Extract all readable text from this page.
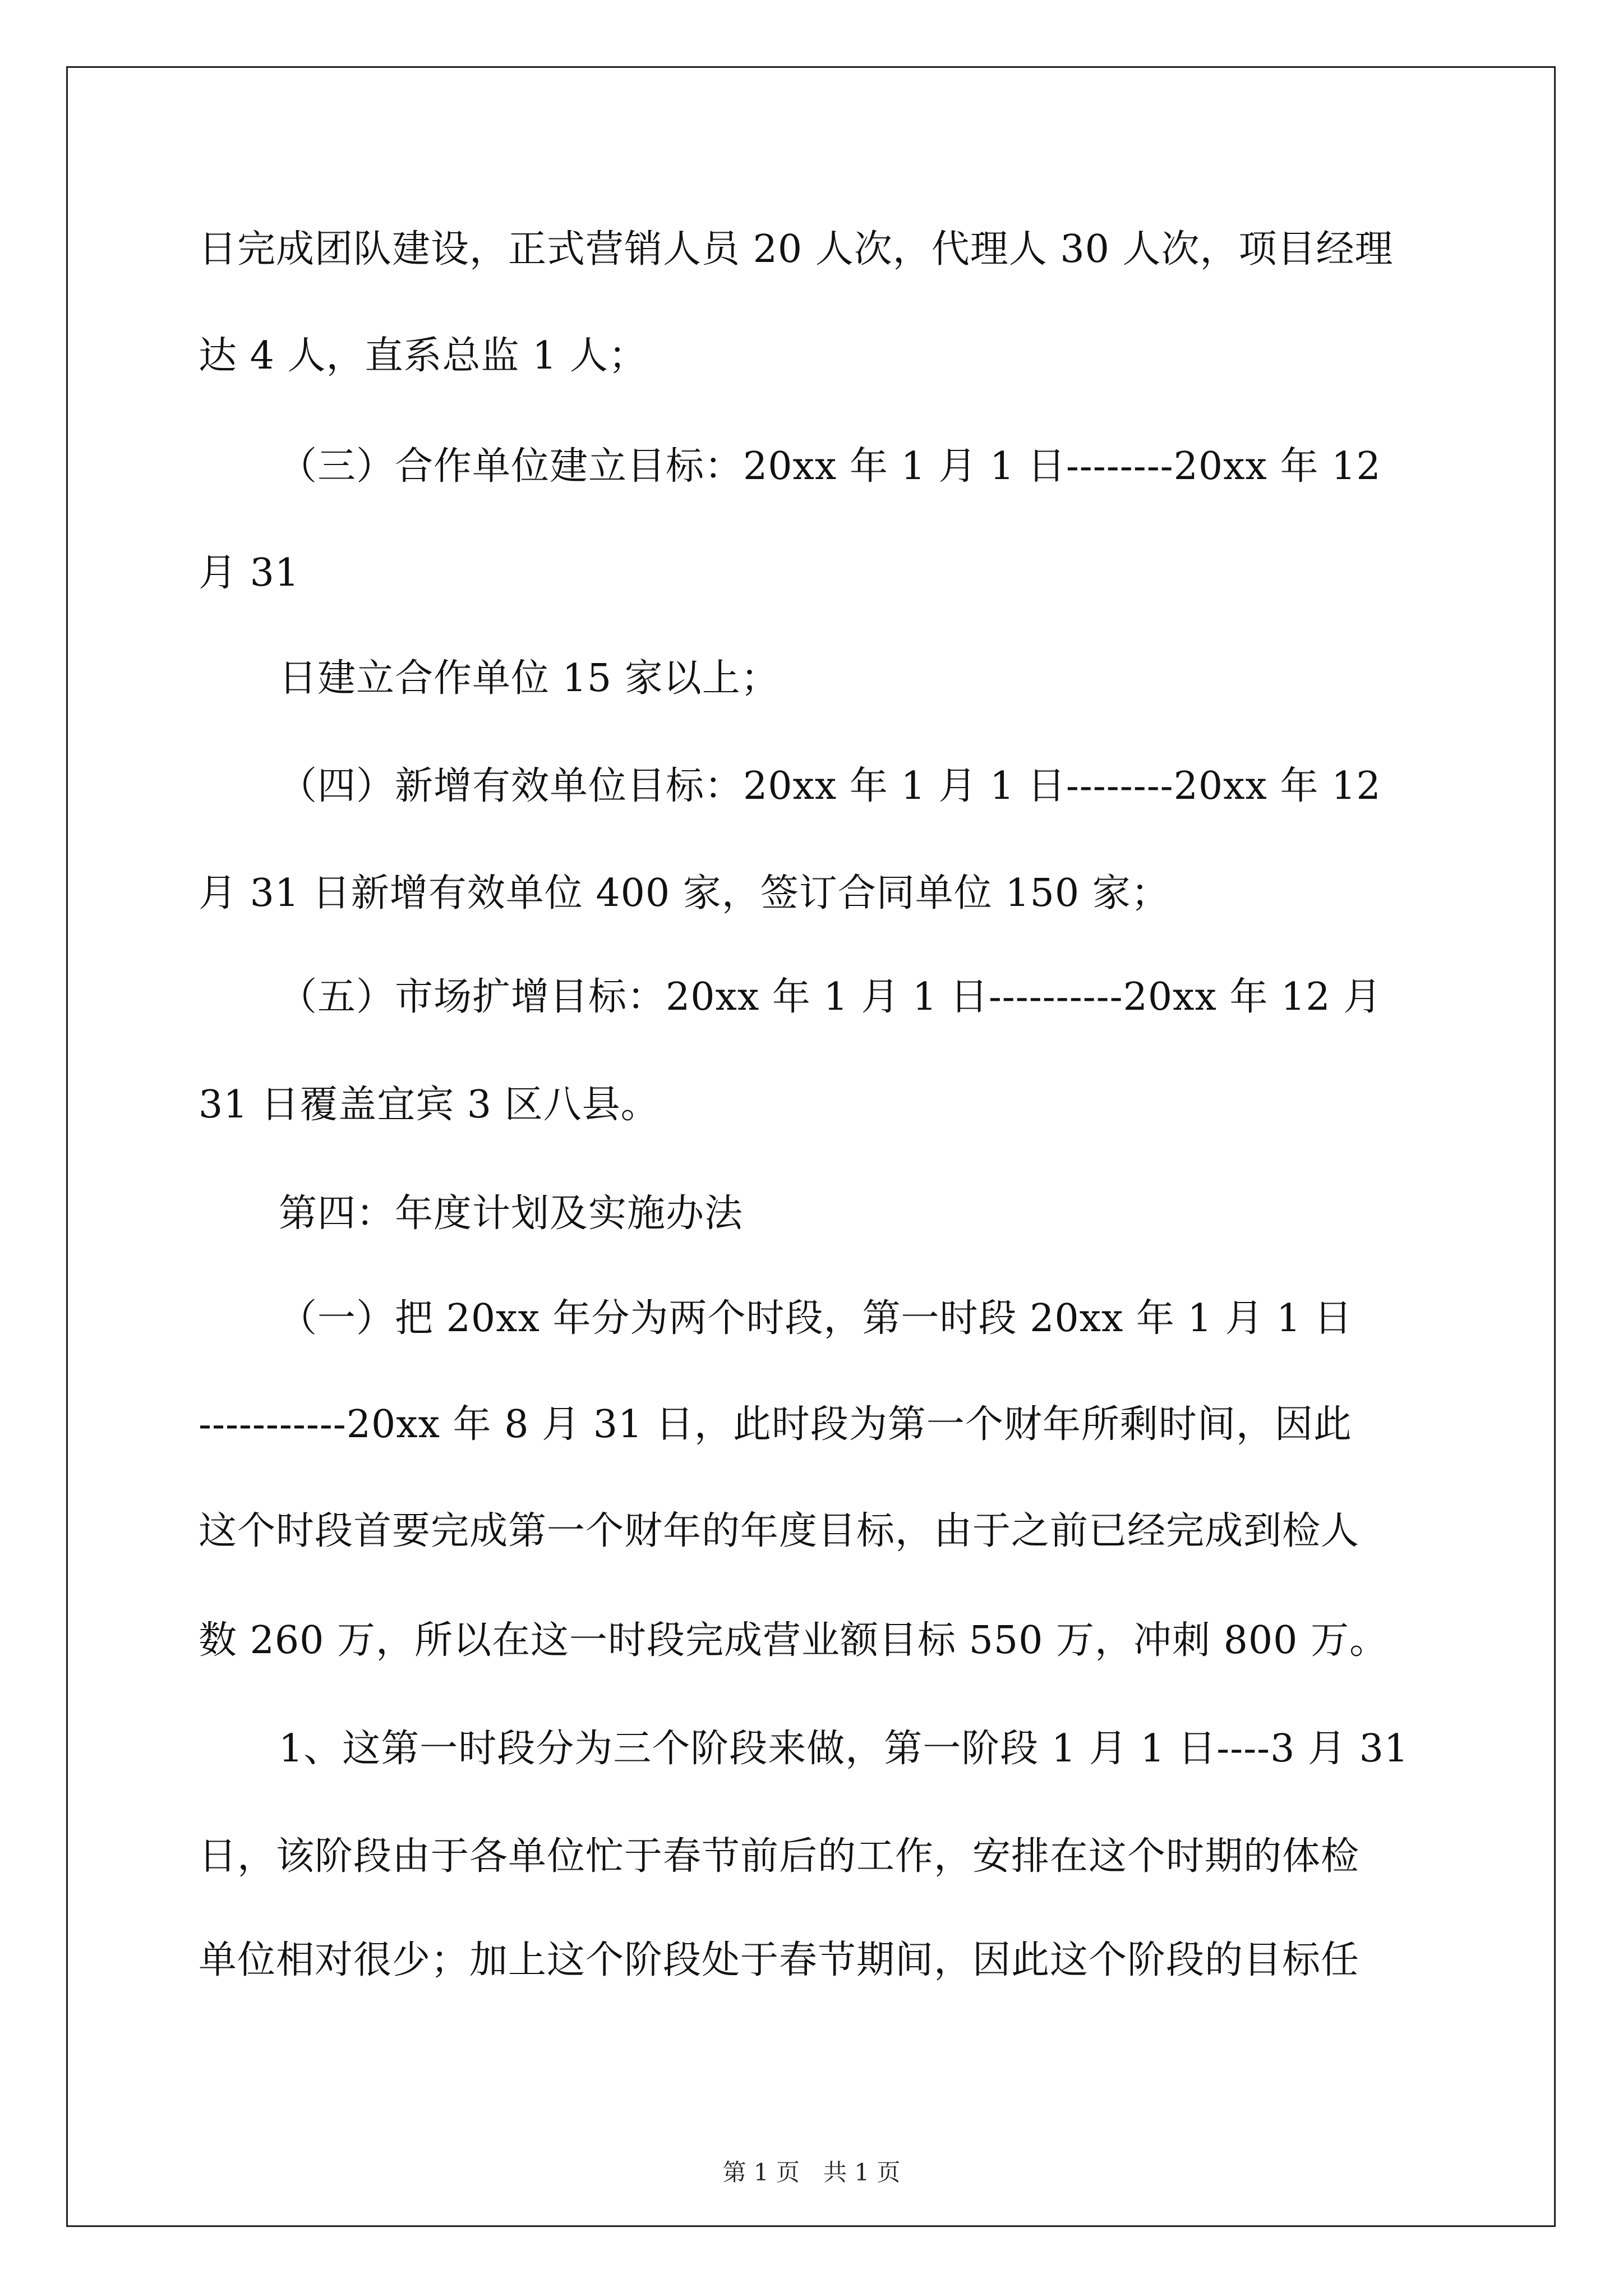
日完成团队建设，正式营销人员 20 人次，代理人 30 人次，项目经理
达 4 人，直系总监 1 人；
（三）合作单位建立目标：20xx 年 1 月 1 日--------20xx 年 12
月 31
日建立合作单位 15 家以上；
（四）新增有效单位目标：20xx 年 1 月 1 日--------20xx 年 12
月 31 日新增有效单位 400 家，签订合同单位 150 家；
（五）市场扩增目标：20xx 年 1 月 1 日----------20xx 年 12 月
31 日覆盖宜宾 3 区八县。
第四：年度计划及实施办法
（一）把 20xx 年分为两个时段，第一时段 20xx 年 1 月 1 日
-----------20xx 年 8 月 31 日，此时段为第一个财年所剩时间，因此
这个时段首要完成第一个财年的年度目标，由于之前已经完成到检人
数 260 万，所以在这一时段完成营业额目标 550 万，冲刺 800 万。
1、这第一时段分为三个阶段来做，第一阶段 1 月 1 日----3 月 31
日，该阶段由于各单位忙于春节前后的工作，安排在这个时期的体检
单位相对很少；加上这个阶段处于春节期间，因此这个阶段的目标任
第 1 页　共 1 页
